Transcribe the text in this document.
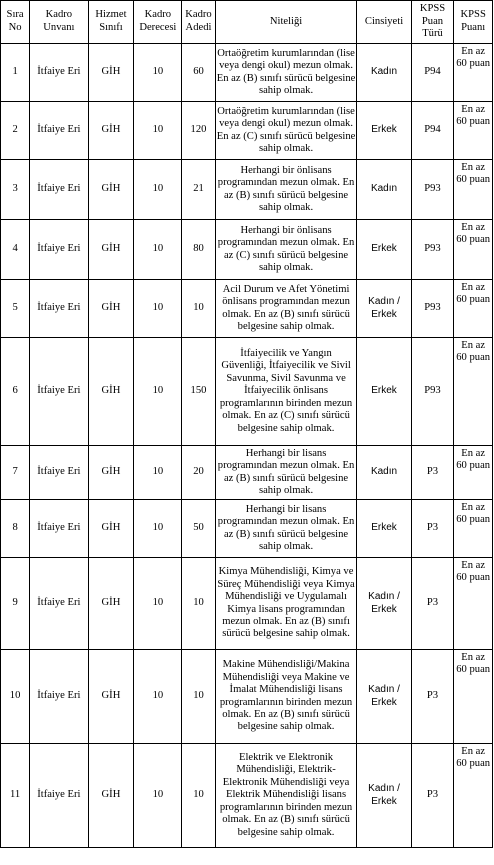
Sıra No	Kadro Unvanı	Hizmet Sınıfı	Kadro Derecesi	Kadro Adedi	Niteliği	Cinsiyeti	KPSS Puan Türü	KPSS Puanı
1	İtfaiye Eri	GİH	10	60	Ortaöğretim kurumlarından (lise veya dengi okul) mezun olmak. En az (B) sınıfı sürücü belgesine sahip olmak.	Kadın	P94	En az 60 puan
2	İtfaiye Eri	GİH	10	120	Ortaöğretim kurumlarından (lise veya dengi okul) mezun olmak. En az (C) sınıfı sürücü belgesine sahip olmak.	Erkek	P94	En az 60 puan
3	İtfaiye Eri	GİH	10	21	Herhangi bir önlisans programından mezun olmak. En az (B) sınıfı sürücü belgesine sahip olmak.	Kadın	P93	En az 60 puan
4	İtfaiye Eri	GİH	10	80	Herhangi bir önlisans programından mezun olmak. En az (C) sınıfı sürücü belgesine sahip olmak.	Erkek	P93	En az 60 puan
5	İtfaiye Eri	GİH	10	10	Acil Durum ve Afet Yönetimi önlisans programından mezun olmak. En az (B) sınıfı sürücü belgesine sahip olmak.	Kadın / Erkek	P93	En az 60 puan
6	İtfaiye Eri	GİH	10	150	İtfaiyecilik ve Yangın Güvenliği, İtfaiyecilik ve Sivil Savunma, Sivil Savunma ve İtfaiyecilik önlisans programlarının birinden mezun olmak. En az (C) sınıfı sürücü belgesine sahip olmak.	Erkek	P93	En az 60 puan
7	İtfaiye Eri	GİH	10	20	Herhangi bir lisans programından mezun olmak. En az (B) sınıfı sürücü belgesine sahip olmak.	Kadın	P3	En az 60 puan
8	İtfaiye Eri	GİH	10	50	Herhangi bir lisans programından mezun olmak. En az (B) sınıfı sürücü belgesine sahip olmak.	Erkek	P3	En az 60 puan
9	İtfaiye Eri	GİH	10	10	Kimya Mühendisliği, Kimya ve Süreç Mühendisliği veya Kimya Mühendisliği ve Uygulamalı Kimya lisans programından mezun olmak. En az (B) sınıfı sürücü belgesine sahip olmak.	Kadın / Erkek	P3	En az 60 puan
10	İtfaiye Eri	GİH	10	10	Makine Mühendisliği/Makina Mühendisliği veya Makine ve İmalat Mühendisliği lisans programlarının birinden mezun olmak. En az (B) sınıfı sürücü belgesine sahip olmak.	Kadın / Erkek	P3	En az 60 puan
11	İtfaiye Eri	GİH	10	10	Elektrik ve Elektronik Mühendisliği, Elektrik-Elektronik Mühendisliği veya Elektrik Mühendisliği lisans programlarının birinden mezun olmak. En az (B) sınıfı sürücü belgesine sahip olmak.	Kadın / Erkek	P3	En az 60 puan
